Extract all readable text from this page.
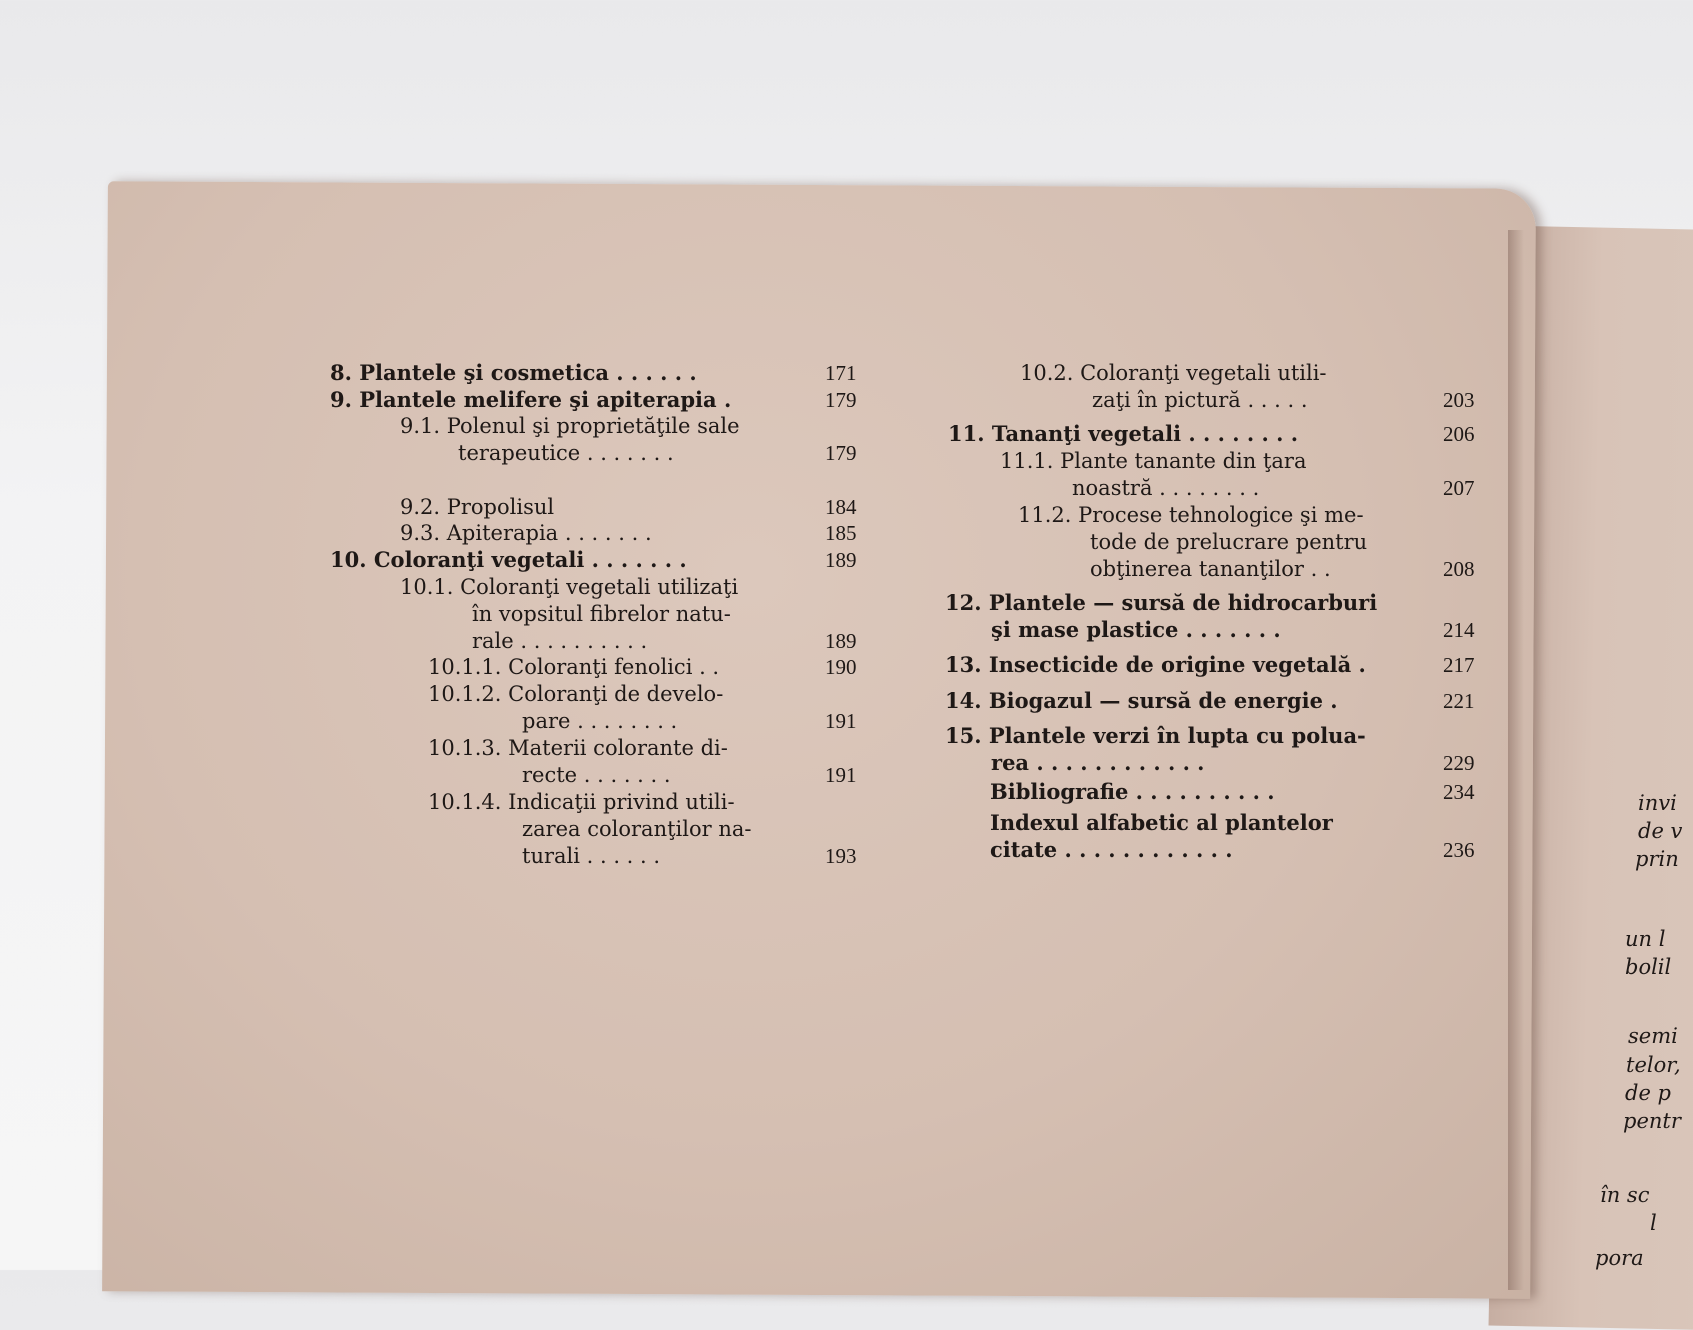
8. Plantele şi cosmetica . . . . . .	171
9. Plantele melifere şi apiterapia .	179
9.1. Polenul şi proprietăţile sale
terapeutice . . . . . . .	179
9.2. Propolisul	184
9.3. Apiterapia . . . . . . .	185
10. Coloranţi vegetali . . . . . . .	189
10.1. Coloranţi vegetali utilizaţi
în vopsitul fibrelor natu-
rale . . . . . . . . . .	189
10.1.1. Coloranţi fenolici . .	190
10.1.2. Coloranţi de develo-
pare . . . . . . . .	191
10.1.3. Materii colorante di-
recte . . . . . . .	191
10.1.4. Indicaţii privind utili-
zarea coloranţilor na-
turali . . . . . .	193
10.2. Coloranţi vegetali utili-
zaţi în pictură . . . . .	203
11. Tananţi vegetali . . . . . . . .	206
11.1. Plante tanante din ţara
noastră . . . . . . . .	207
11.2. Procese tehnologice şi me-
tode de prelucrare pentru
obţinerea tananţilor . .	208
12. Plantele — sursă de hidrocarburi
şi mase plastice . . . . . . .	214
13. Insecticide de origine vegetală .	217
14. Biogazul — sursă de energie .	221
15. Plantele verzi în lupta cu polua-
rea . . . . . . . . . . . .	229
Bibliografie . . . . . . . . . .	234
Indexul alfabetic al plantelor
citate . . . . . . . . . . . .	236
invi
de v
prin
un l
bolil
semi
telor,
de p
pentr
în sc
l
pora
